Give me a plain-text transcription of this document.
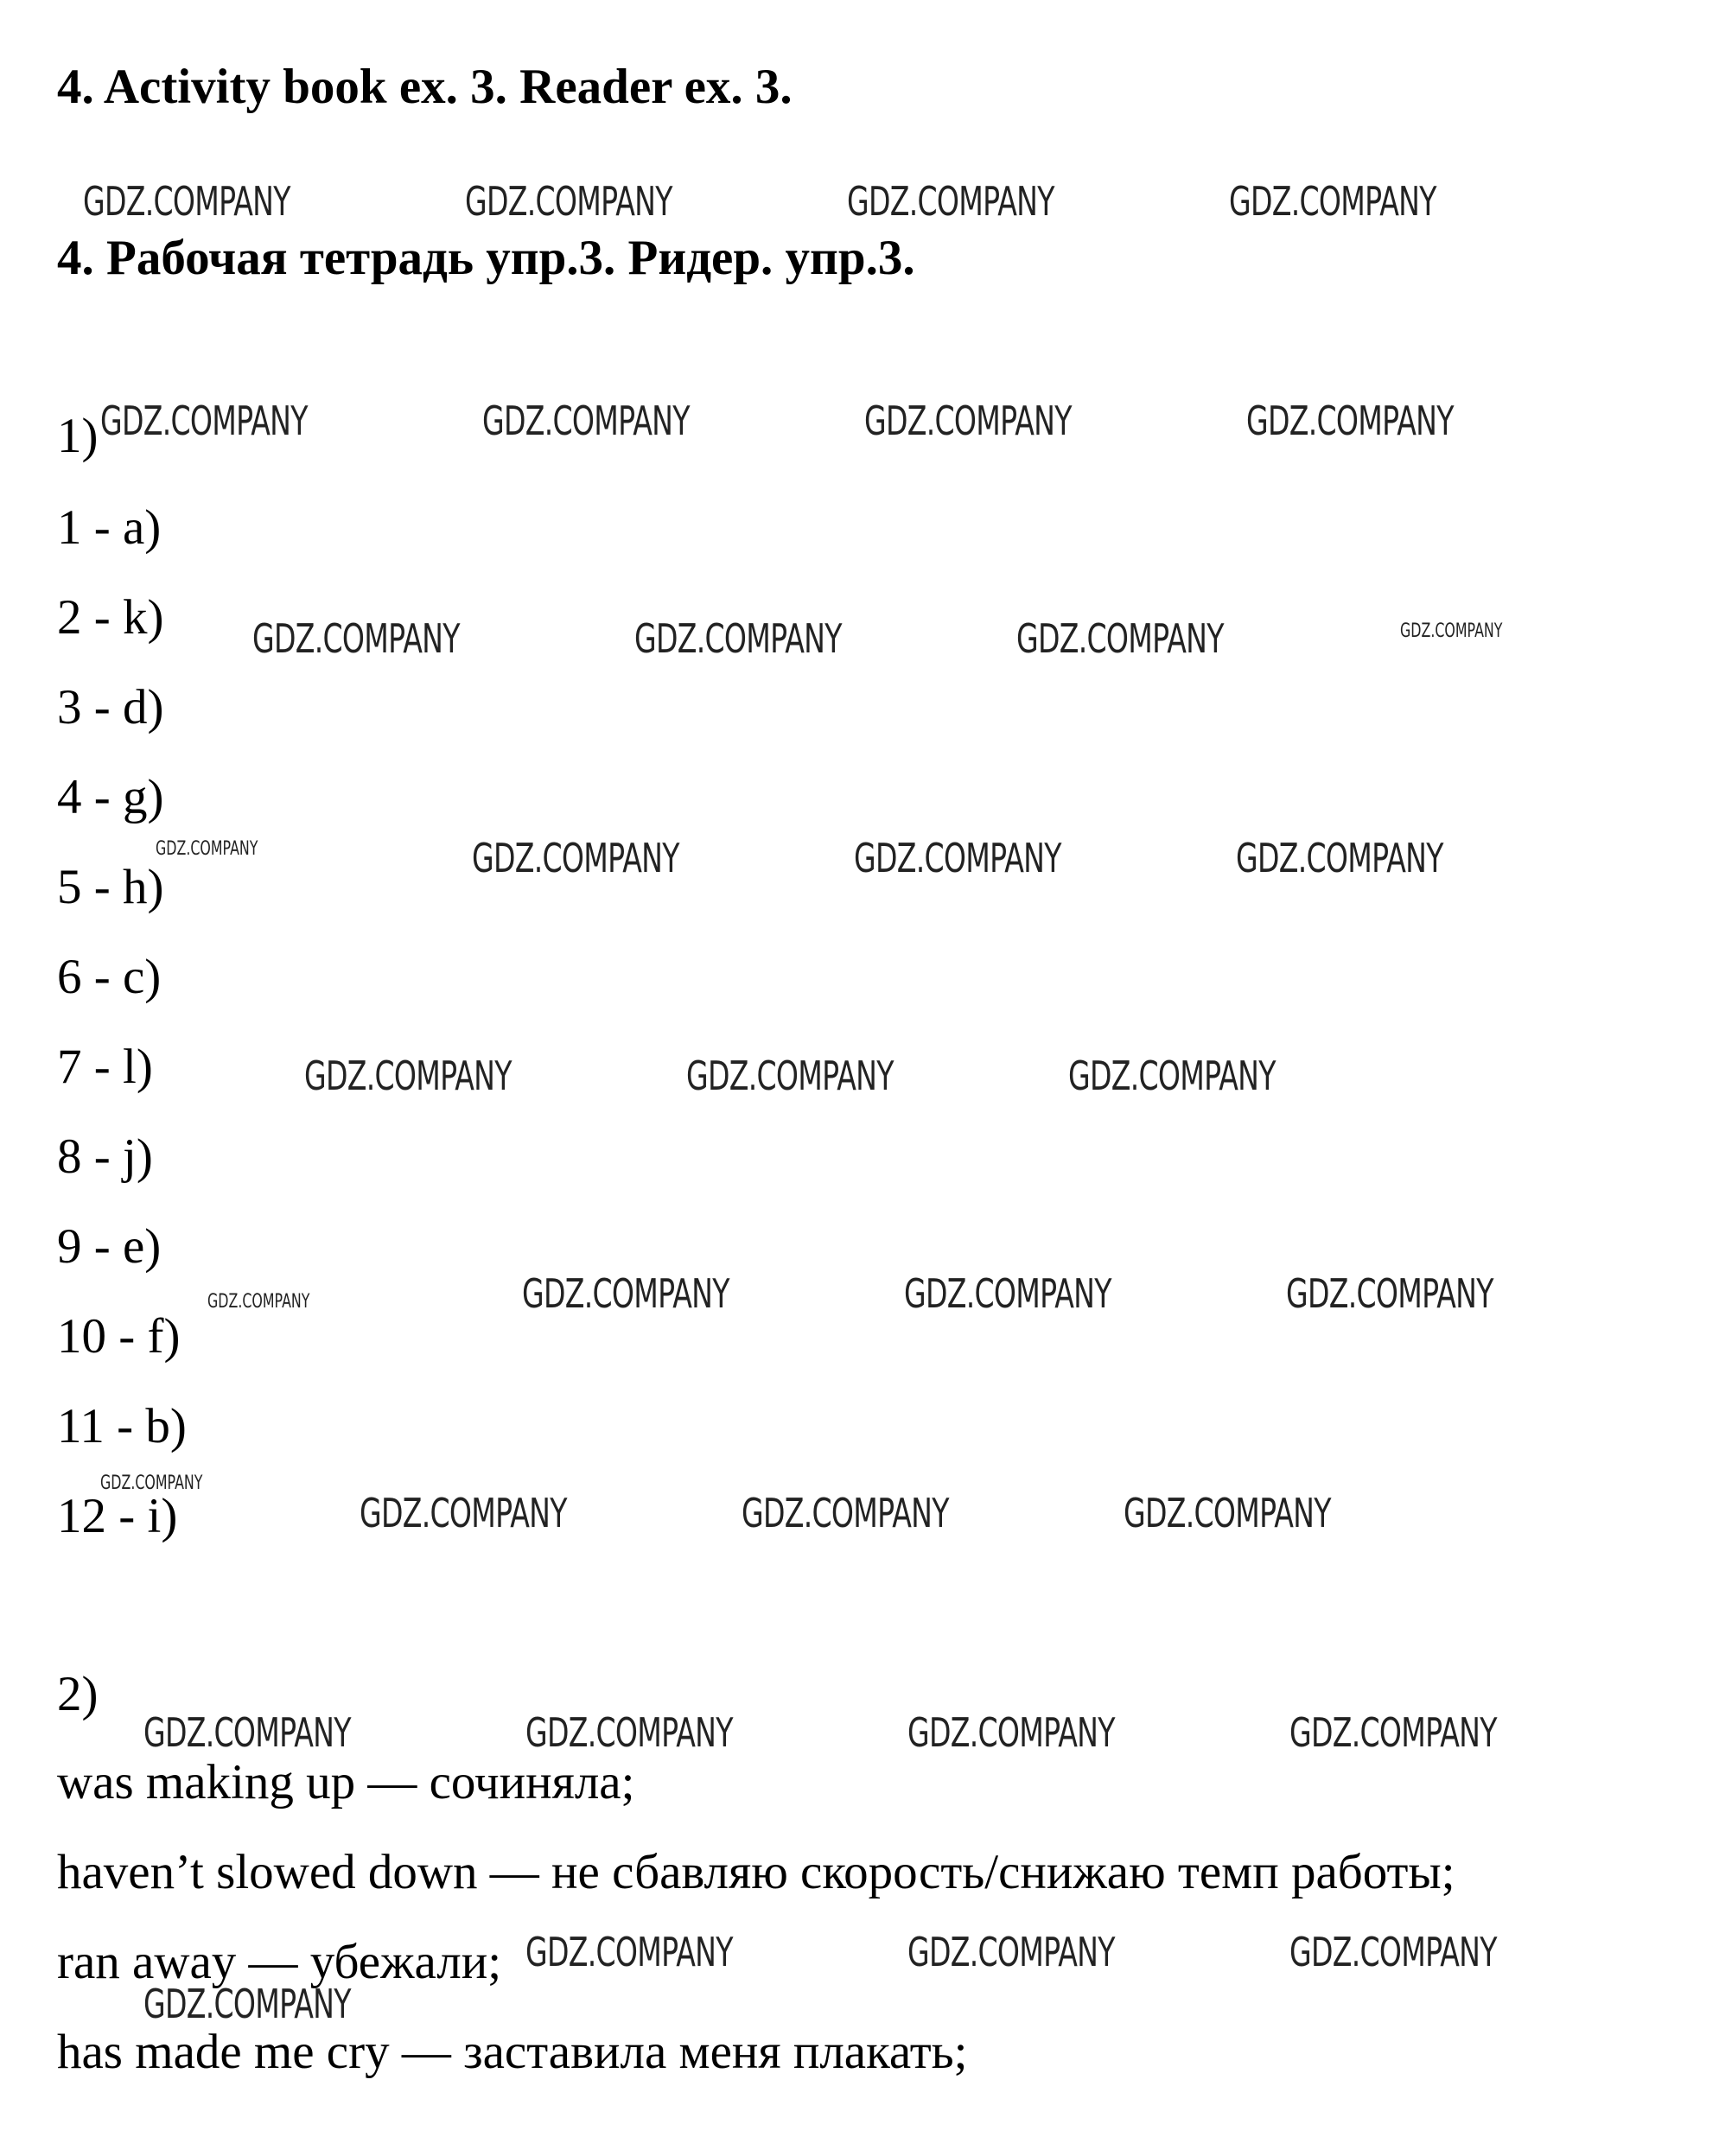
4. Activity book ex. 3. Reader ex. 3.
4. Рабочая тетрадь упр.3. Ридер. упр.3.

1)

1 - a)

2 - k)

3 - d)

4 - g)

5 - h)

6 - c)

7 - l)

8 - j)

9 - e)

10 - f)

11 - b)

12 - i)

2)

was making up — сочиняла;

haven’t slowed down — не сбавляю скорость/снижаю темп работы;

ran away — убежали;

has made me cry — заставила меня плакать;

GDZ.COMPANY	GDZ.COMPANY	GDZ.COMPANY	GDZ.COMPANY
GDZ.COMPANY	GDZ.COMPANY	GDZ.COMPANY	GDZ.COMPANY
GDZ.COMPANY	GDZ.COMPANY	GDZ.COMPANY	GDZ.COMPANY
GDZ.COMPANY	GDZ.COMPANY	GDZ.COMPANY	GDZ.COMPANY
GDZ.COMPANY	GDZ.COMPANY	GDZ.COMPANY
GDZ.COMPANY	GDZ.COMPANY	GDZ.COMPANY	GDZ.COMPANY
GDZ.COMPANY
GDZ.COMPANY	GDZ.COMPANY	GDZ.COMPANY
GDZ.COMPANY	GDZ.COMPANY	GDZ.COMPANY	GDZ.COMPANY
GDZ.COMPANY	GDZ.COMPANY	GDZ.COMPANY
GDZ.COMPANY
